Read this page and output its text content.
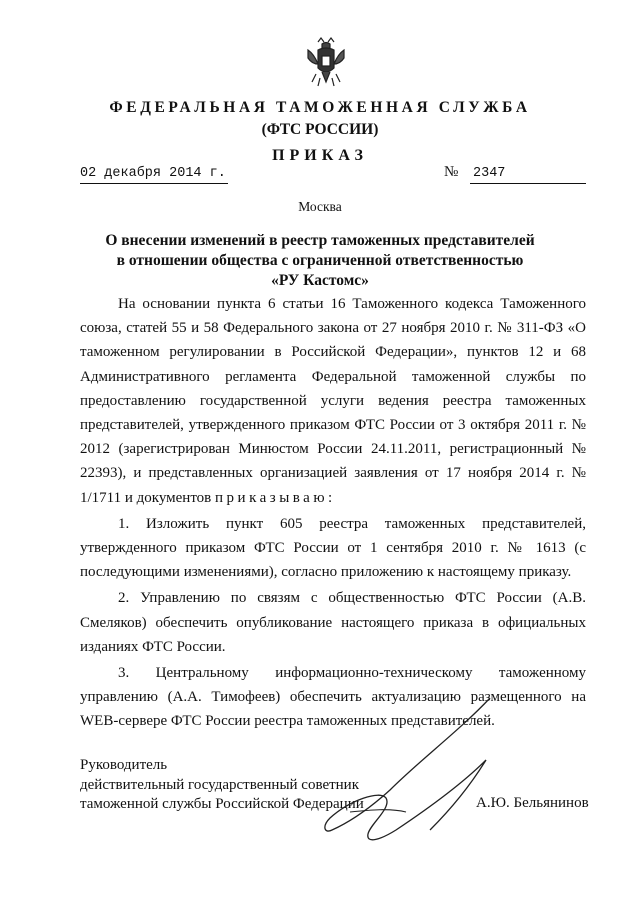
ФЕДЕРАЛЬНАЯ ТАМОЖЕННАЯ СЛУЖБА
(ФТС РОССИИ)
ПРИКАЗ
02 декабря 2014 г.	№ 2347
Москва
О внесении изменений в реестр таможенных представителей
в отношении общества с ограниченной ответственностью
«РУ Кастомс»

На основании пункта 6 статьи 16 Таможенного кодекса Таможенного союза, статей 55 и 58 Федерального закона от 27 ноября 2010 г. № 311-ФЗ «О таможенном регулировании в Российской Федерации», пунктов 12 и 68 Административного регламента Федеральной таможенной службы по предоставлению государственной услуги ведения реестра таможенных представителей, утвержденного приказом ФТС России от 3 октября 2011 г. № 2012 (зарегистрирован Минюстом России 24.11.2011, регистрационный № 22393), и представленных организацией заявления от 17 ноября 2014 г. № 1/1711 и документов приказываю:

1. Изложить пункт 605 реестра таможенных представителей, утвержденного приказом ФТС России от 1 сентября 2010 г. № 1613 (с последующими изменениями), согласно приложению к настоящему приказу.

2. Управлению по связям с общественностью ФТС России (А.В. Смеляков) обеспечить опубликование настоящего приказа в официальных изданиях ФТС России.

3. Центральному информационно-техническому таможенному управлению (А.А. Тимофеев) обеспечить актуализацию размещенного на WEB-сервере ФТС России реестра таможенных представителей.

Руководитель
действительный государственный советник
таможенной службы Российской Федерации	А.Ю. Бельянинов
